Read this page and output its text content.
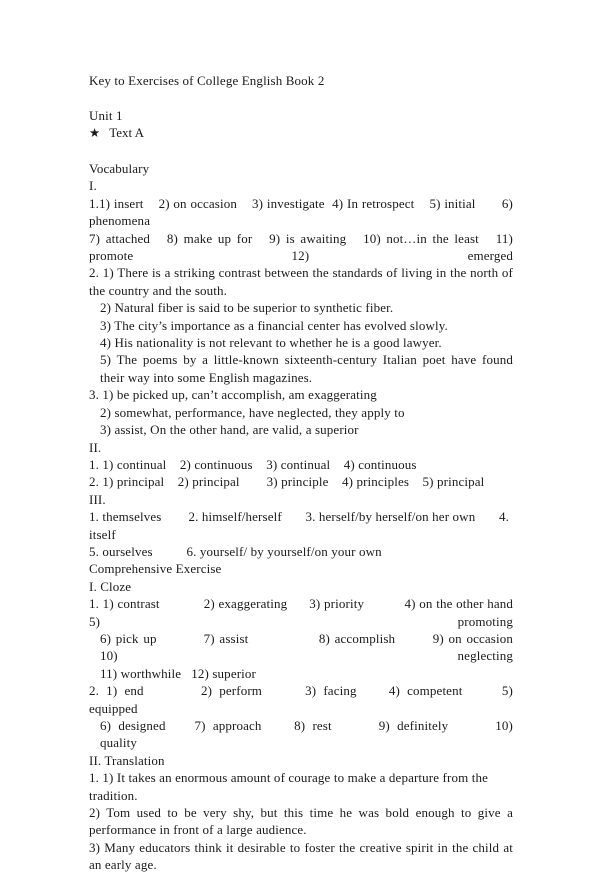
Key to Exercises of College English Book 2
Unit 1
★ Text A
Vocabulary
I.
1.1) insert    2) on occasion    3) investigate  4) In retrospect    5) initial       6) phenomena
7) attached   8) make up for   9) is awaiting   10) not…in the least   11) promote 12) emerged
2. 1) There is a striking contrast between the standards of living in the north of the country and the south.
2) Natural fiber is said to be superior to synthetic fiber.
3) The city’s importance as a financial center has evolved slowly.
4) His nationality is not relevant to whether he is a good lawyer.
5) The poems by a little-known sixteenth-century Italian poet have found their way into some English magazines.
3. 1) be picked up, can’t accomplish, am exaggerating
2) somewhat, performance, have neglected, they apply to
3) assist, On the other hand, are valid, a superior
II.
1. 1) continual    2) continuous    3) continual    4) continuous
2. 1) principal    2) principal        3) principle    4) principles    5) principal
III.
1. themselves        2. himself/herself       3. herself/by herself/on her own       4. itself
5. ourselves          6. yourself/ by yourself/on your own
Comprehensive Exercise
I. Cloze
1. 1) contrast            2) exaggerating      3) priority           4) on the other hand      5) promoting
6) pick up          7) assist               8) accomplish        9) on occasion          10) neglecting
11) worthwhile   12) superior
2.  1)  end                2)  perform            3)  facing         4)  competent           5) equipped
6)  designed        7)  approach         8)  rest             9)  definitely             10) quality
II. Translation
1. 1) It takes an enormous amount of courage to make a departure from the tradition.
2) Tom used to be very shy, but this time he was bold enough to give a performance in front of a large audience.
3) Many educators think it desirable to foster the creative spirit in the child at an early age.
